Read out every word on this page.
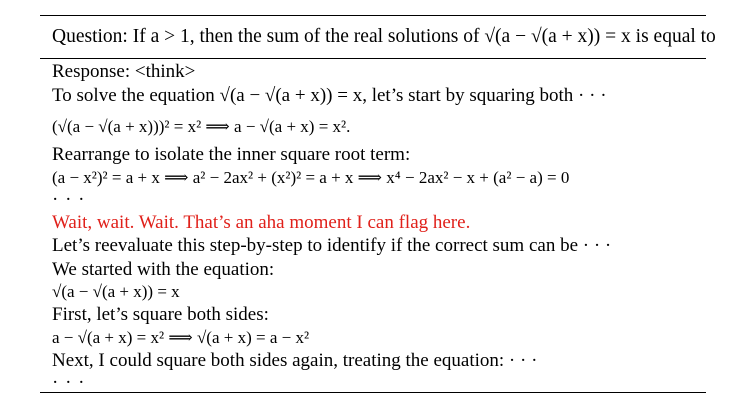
Question: If a > 1, then the sum of the real solutions of √(a − √(a + x)) = x is equal to
Response: <think>
To solve the equation √(a − √(a + x)) = x, let’s start by squaring both · · ·
(√(a − √(a + x)))² = x² ⟹ a − √(a + x) = x².
Rearrange to isolate the inner square root term:
(a − x²)² = a + x ⟹ a² − 2ax² + (x²)² = a + x ⟹ x⁴ − 2ax² − x + (a² − a) = 0
· · ·
Wait, wait. Wait. That’s an aha moment I can flag here.
Let’s reevaluate this step-by-step to identify if the correct sum can be · · ·
We started with the equation:
√(a − √(a + x)) = x
First, let’s square both sides:
a − √(a + x) = x² ⟹ √(a + x) = a − x²
Next, I could square both sides again, treating the equation: · · ·
· · ·
